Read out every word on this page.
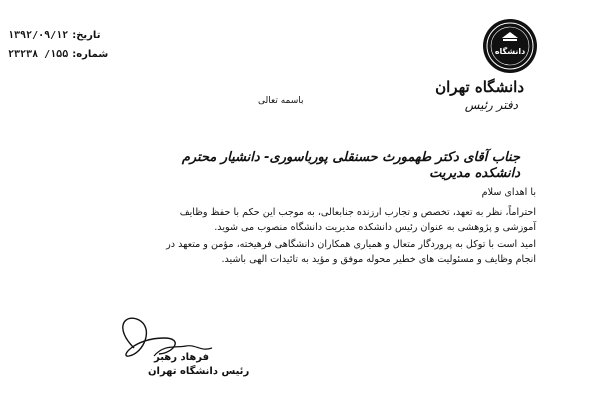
تاریخ:
۱۳۹۲/۰۹/۱۲
شماره:
۱۵۵/ ۲۳۲۳۸	دانشگاه
دانشگاه تهران
دفتر رئیس
باسمه تعالی
جناب آقای دکتر طهمورث حسنقلی پورباسوری- دانشیار محترم
دانشکده مدیریت
با اهدای سلام
احتراماً، نظر به تعهد، تخصص و تجارب ارزنده جنابعالی، به موجب این حکم با حفظ وظایف
آموزشی و پژوهشی به عنوان رئیس دانشکده مدیریت دانشگاه منصوب می شوید.
امید است با توکل به پروردگار متعال و همیاری همکاران دانشگاهی فرهیخته، مؤمن و متعهد در
انجام وظایف و مسئولیت های خطیر محوله موفق و مؤید به تائیدات الهی باشید.
فرهاد رهبر
رئیس دانشگاه تهران
